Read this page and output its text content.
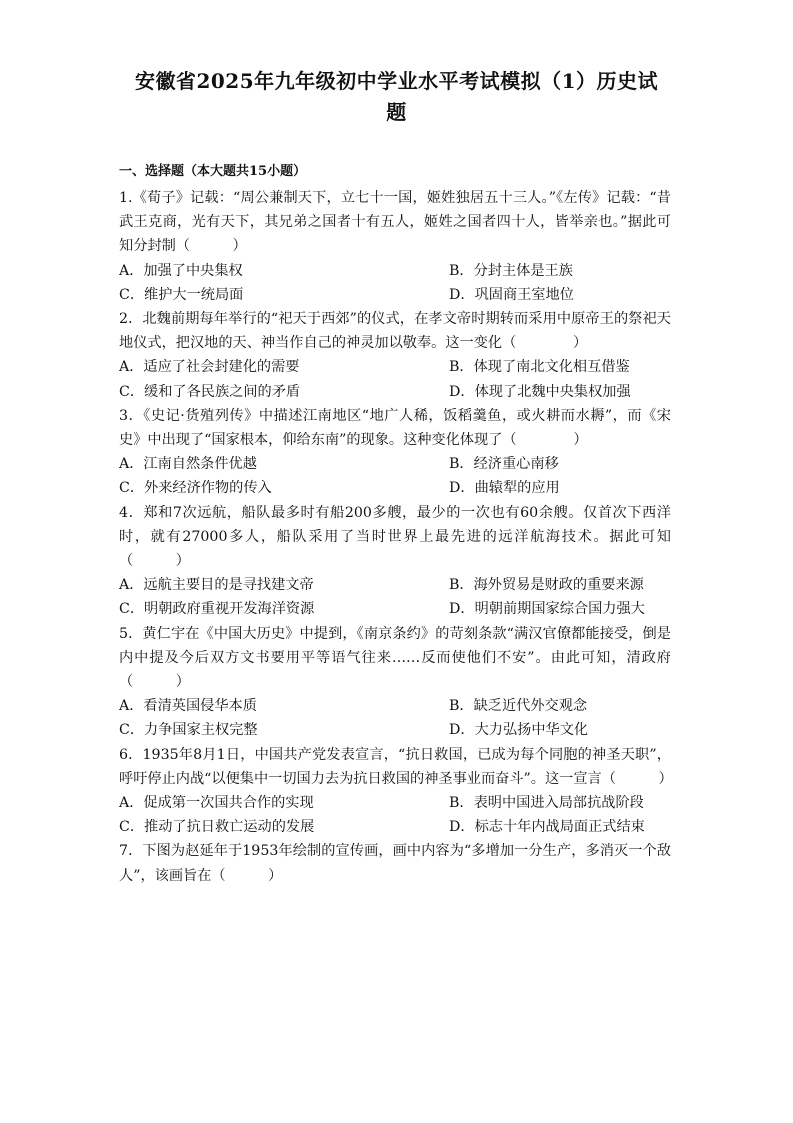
安徽省2025年九年级初中学业水平考试模拟（1）历史试
题
一、选择题（本大题共15小题）
1.《荀子》记载：“周公兼制天下，立七十一国，姬姓独居五十三人。”《左传》记载：“昔武王克商，光有天下，其兄弟之国者十有五人，姬姓之国者四十人，皆举亲也。”据此可知分封制（　　　）
A．加强了中央集权	B．分封主体是王族
C．维护大一统局面	D．巩固商王室地位
2．北魏前期每年举行的“祀天于西郊”的仪式，在孝文帝时期转而采用中原帝王的祭祀天地仪式，把汉地的天、神当作自己的神灵加以敬奉。这一变化（　　　　）
A．适应了社会封建化的需要	B．体现了南北文化相互借鉴
C．缓和了各民族之间的矛盾	D．体现了北魏中央集权加强
3．《史记·货殖列传》中描述江南地区“地广人稀，饭稻羹鱼，或火耕而水耨”，而《宋史》中出现了“国家根本，仰给东南”的现象。这种变化体现了（　　　　）
A．江南自然条件优越	B．经济重心南移
C．外来经济作物的传入	D．曲辕犁的应用
4．郑和7次远航，船队最多时有船200多艘，最少的一次也有60余艘。仅首次下西洋时，就有27000多人，船队采用了当时世界上最先进的远洋航海技术。据此可知（　　　）
A．远航主要目的是寻找建文帝	B．海外贸易是财政的重要来源
C．明朝政府重视开发海洋资源	D．明朝前期国家综合国力强大
5．黄仁宇在《中国大历史》中提到，《南京条约》的苛刻条款“满汉官僚都能接受，倒是内中提及今后双方文书要用平等语气往来……反而使他们不安”。由此可知，清政府（　　　）
A．看清英国侵华本质	B．缺乏近代外交观念
C．力争国家主权完整	D．大力弘扬中华文化
6．1935年8月1日，中国共产党发表宣言，“抗日救国，已成为每个同胞的神圣天职”，呼吁停止内战“以便集中一切国力去为抗日救国的神圣事业而奋斗”。这一宣言（　　　）
A．促成第一次国共合作的实现	B．表明中国进入局部抗战阶段
C．推动了抗日救亡运动的发展	D．标志十年内战局面正式结束
7．下图为赵延年于1953年绘制的宣传画，画中内容为“多增加一分生产，多消灭一个敌人”，该画旨在（　　　）
